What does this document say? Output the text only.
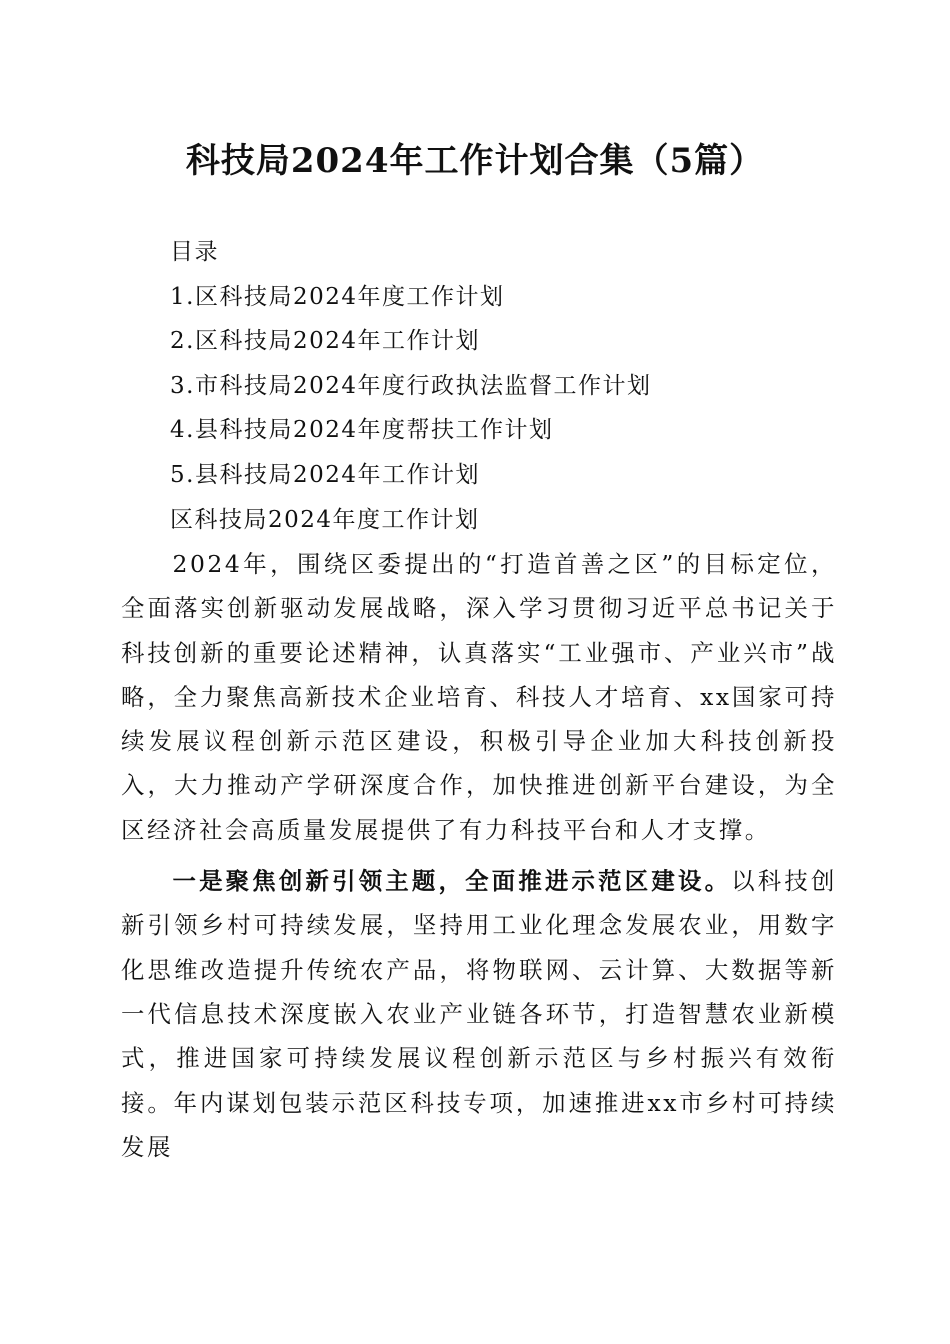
科技局2024年工作计划合集（5篇）
目录
1.区科技局2024年度工作计划
2.区科技局2024年工作计划
3.市科技局2024年度行政执法监督工作计划
4.县科技局2024年度帮扶工作计划
5.县科技局2024年工作计划
区科技局2024年度工作计划

2024年，围绕区委提出的“打造首善之区”的目标定位，全面落实创新驱动发展战略，深入学习贯彻习近平总书记关于科技创新的重要论述精神，认真落实“工业强市、产业兴市”战略，全力聚焦高新技术企业培育、科技人才培育、xx国家可持续发展议程创新示范区建设，积极引导企业加大科技创新投入，大力推动产学研深度合作，加快推进创新平台建设，为全区经济社会高质量发展提供了有力科技平台和人才支撑。

一是聚焦创新引领主题，全面推进示范区建设。以科技创新引领乡村可持续发展，坚持用工业化理念发展农业，用数字化思维改造提升传统农产品，将物联网、云计算、大数据等新一代信息技术深度嵌入农业产业链各环节，打造智慧农业新模式，推进国家可持续发展议程创新示范区与乡村振兴有效衔接。年内谋划包装示范区科技专项，加速推进xx市乡村可持续发展
